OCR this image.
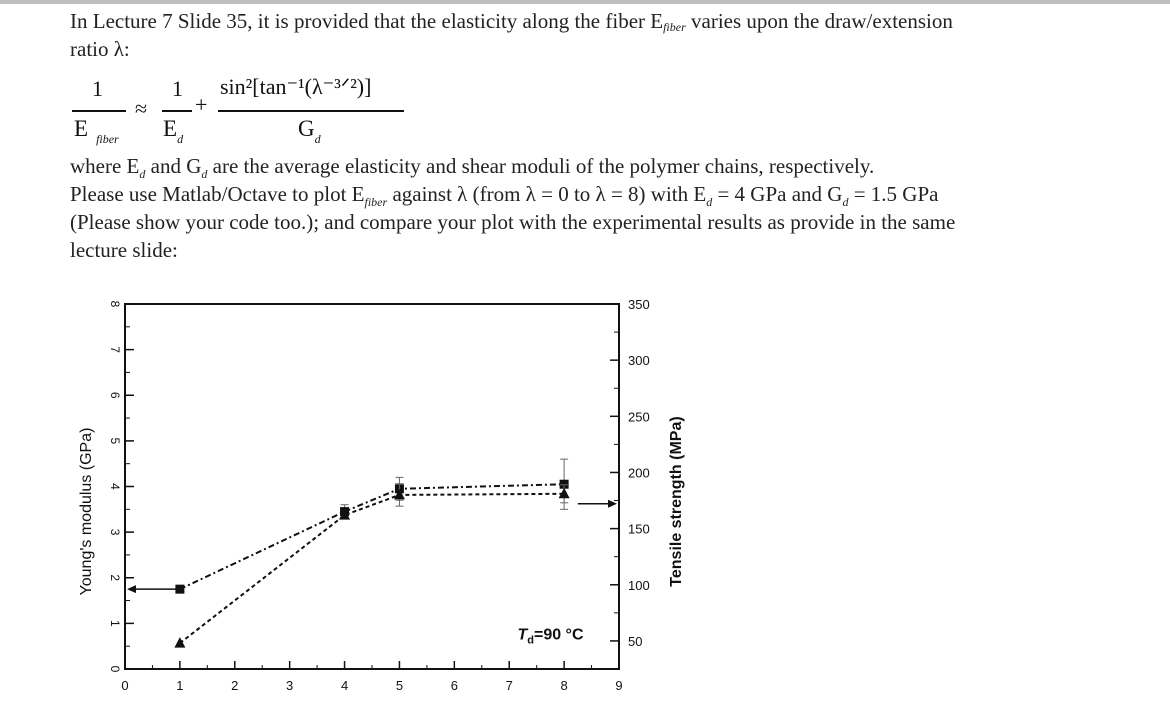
In Lecture 7 Slide 35, it is provided that the elasticity along the fiber $E_{fiber}$ varies upon the draw/extension
ratio λ:
1
E $_{fiber}$
≈
1
$E_d$
+
sin²[tan⁻¹(λ⁻³ᐟ²)]
$G_d$
where $E_d$ and $G_d$ are the average elasticity and shear moduli of the polymer chains, respectively.
Please use Matlab/Octave to plot $E_{fiber}$ against λ (from λ = 0 to λ = 8) with $E_d = 4$ GPa and $G_d = 1.5$ GPa
(Please show your code too.); and compare your plot with the experimental results as provide in the same
lecture slide:
0	1	2	3	4	5	6	7	8	9
0
1
2
3
4
5
6
7
8
50
100
150
200
250
300
350
Young's modulus (GPa)	Tensile strength (MPa)
$T_d=90$ °C
